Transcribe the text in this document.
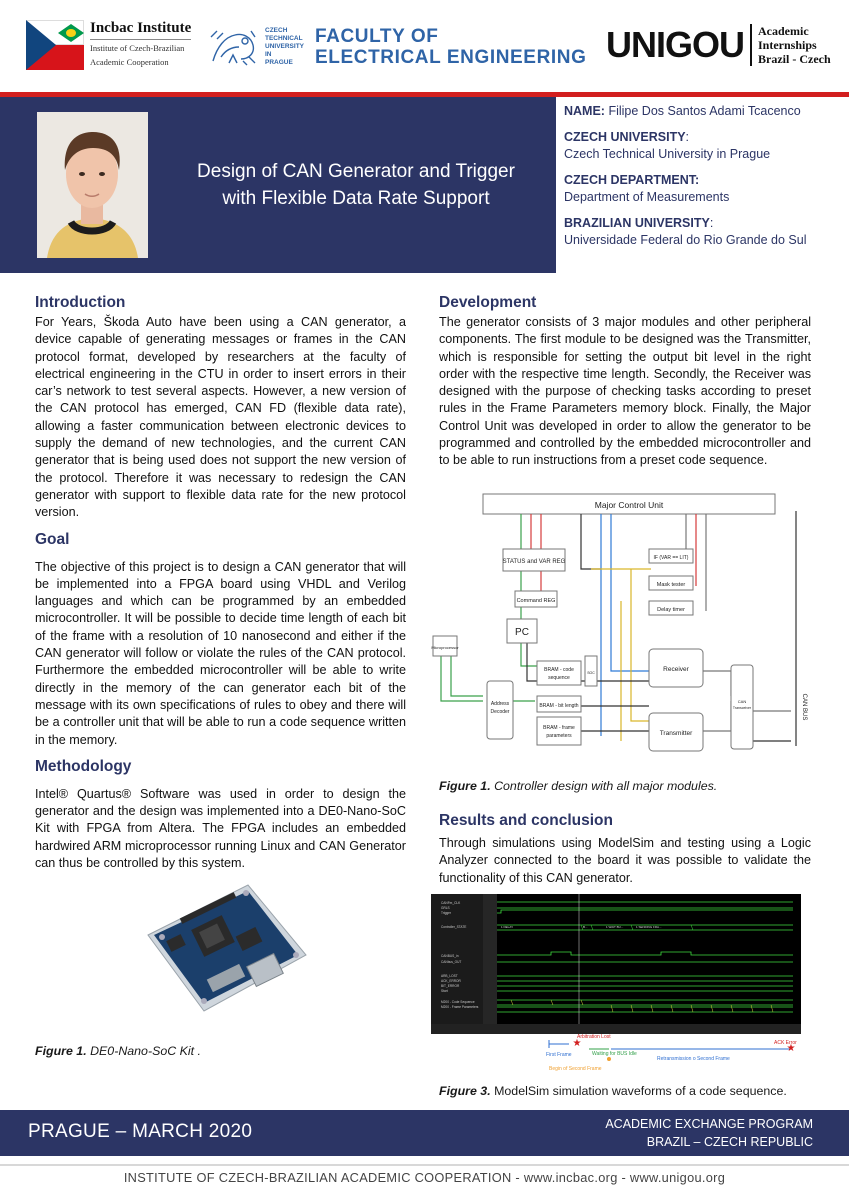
Incbac Institute
Institute of Czech-Brazilian
Academic Cooperation
CZECH
TECHNICAL
UNIVERSITY
IN
PRAGUE
FACULTY OF
ELECTRICAL ENGINEERING UNIGOU Academic
Internships
Brazil - Czech
Design of CAN Generator and Trigger
with Flexible Data Rate Support
NAME: Filipe Dos Santos Adami Tcacenco
CZECH UNIVERSITY:
Czech Technical University in Prague
CZECH DEPARTMENT:
Department of Measurements
BRAZILIAN UNIVERSITY:
Universidade Federal do Rio Grande do Sul
Introduction

For Years, Škoda Auto have been using a CAN generator, a device capable of generating messages or frames in the CAN protocol format, developed by researchers at the faculty of electrical engineering in the CTU in order to insert errors in their car’s network to test several aspects. However, a new version of the CAN protocol has emerged, CAN FD (flexible data rate), allowing a faster communication between electronic devices to supply the demand of new technologies, and the current CAN generator that is being used does not support the new version of the protocol. Therefore it was necessary to redesign the CAN generator with support to flexible data rate for the new protocol version.

Goal

The objective of this project is to design a CAN generator that will be implemented into a FPGA board using VHDL and Verilog languages and which can be programmed by an embedded microcontroller. It will be possible to decide time length of each bit of the frame with a resolution of 10 nanosecond and either if the CAN generator will follow or violate the rules of the CAN protocol. Furthermore the embedded microcontroller will be able to write directly in the memory of the can generator each bit of the message with its own specifications of rules to obey and there will be a controller unit that will be able to run a code sequence written in the memory.

Methodology

Intel® Quartus® Software was used in order to design the generator and the design was implemented into a DE0-Nano-SoC Kit with FPGA from Altera. The FPGA includes an embedded hardwired ARM microprocessor running Linux and CAN Generator can thus be controlled by this system.

Figure 1. DE0-Nano-SoC Kit .
Development

The generator consists of 3 major modules and other peripheral components. The first module to be designed was the Transmitter, which is responsible for setting the output bit level in the right order with the respective time length. Secondly, the Receiver was designed with the purpose of checking tasks according to preset rules in the Frame Parameters memory block. Finally, the Major Control Unit was developed in order to allow the generator to be programmed and controlled by the embedded microcontroller and to be able to run instructions from a preset code sequence.

Major Control Unit
STATUS and VAR REG
IF (VAR == LIT)
Mask tester
Delay timer
Command REG
PC
Microprocessor
BRAM - code
sequence
SOC	Receiver
Address
Decoder
BRAM - bit length
BRAM - frame
parameters	Transmitter
CAN
Transceiver	CAN BUS
Figure 1. Controller design with all major modules.
Results and conclusion

Through simulations using ModelSim and testing using a Logic Analyzer connected to the board it was possible to validate the functionality of this CAN generator.

CANFm_CLK
GRLS
Trigger
Controller_STATE
CANBUS_in
CANbus_OUT
ARB_LOST
ACK_ERROR
BIT_ERROR
Start
M200 - Code Sequence
M200 - Frame Parameters
1 DELAY	B...	1 WAIT BU...	1 SENDING FRA...
★	★
Arbitration Lost
First Frame	Waiting for BUS Idle
Retransmission o Second Frame
ACK Error
Begin of Second Frame
Figure 3. ModelSim simulation waveforms of a code sequence.
PRAGUE – MARCH 2020	ACADEMIC EXCHANGE PROGRAM
BRAZIL – CZECH REPUBLIC
INSTITUTE OF CZECH-BRAZILIAN ACADEMIC COOPERATION - www.incbac.org - www.unigou.org
